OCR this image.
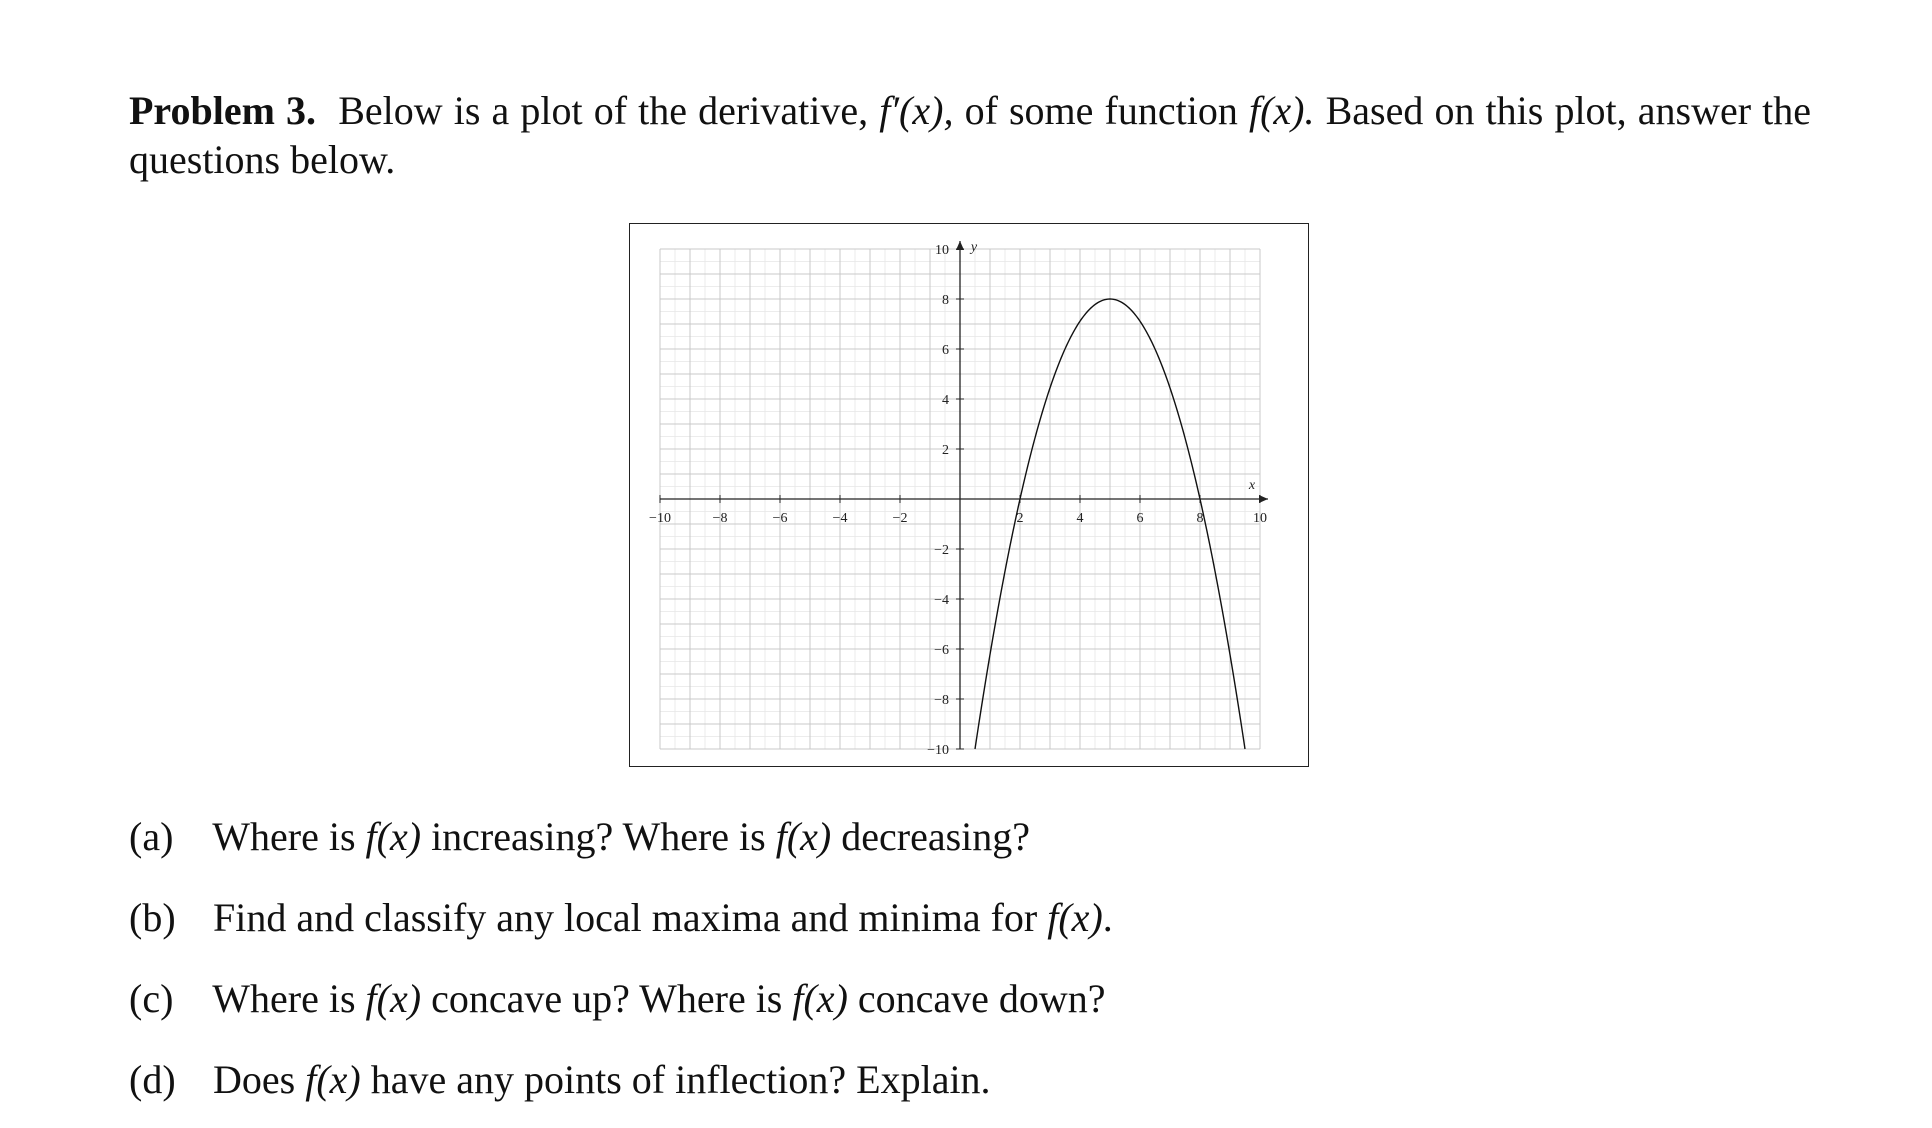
Problem 3. Below is a plot of the derivative, f′(x), of some function f(x). Based on this plot, answer the questions below.
−10	−8	−6	−4	−2	2	4	6	8	10
10
8
6
4
2
−2
−4
−6
−8
−10
x
y
(a) Where is f(x) increasing? Where is f(x) decreasing?
(b) Find and classify any local maxima and minima for f(x).
(c) Where is f(x) concave up? Where is f(x) concave down?
(d) Does f(x) have any points of inflection? Explain.
